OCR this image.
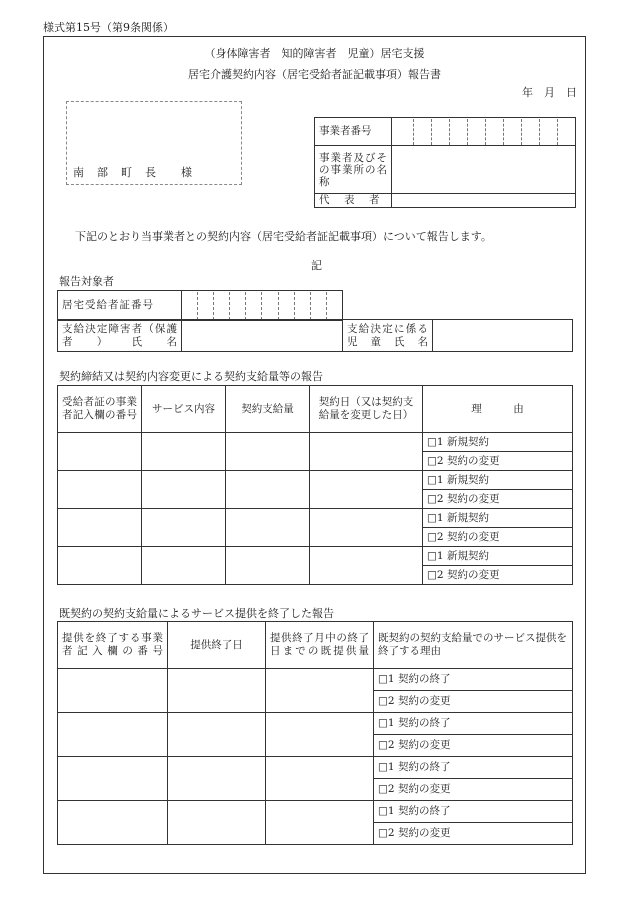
様式第15号（第9条関係）
（身体障害者　知的障害者　児童）居宅支援
居宅介護契約内容（居宅受給者証記載事項）報告書
年　月　日
南　部　町　長　　様
事業者番号	

事業者及びその事業所の名称	
代　表　者	
下記のとおり当事業者との契約内容（居宅受給者証記載事項）について報告します。
記
報告対象者
居宅受給者証番号	
支給決定障害者（保護者）氏名		支給決定に係る児童氏名	
契約締結又は契約内容変更による契約支給量等の報告
受給者証の事業者記入欄の番号	サービス内容	契約支給量	契約日（又は契約支給量を変更した日）	理　　　由
				□1 新規契約
				□2 契約の変更
				□1 新規契約
				□2 契約の変更
				□1 新規契約
				□2 契約の変更
				□1 新規契約
				□2 契約の変更
既契約の契約支給量によるサービス提供を終了した報告
提供を終了する事業者記入欄の番号	提供終了日	提供終了月中の終了日までの既提供量	既契約の契約支給量でのサービス提供を終了する理由
			□1 契約の終了
			□2 契約の変更
			□1 契約の終了
			□2 契約の変更
			□1 契約の終了
			□2 契約の変更
			□1 契約の終了
			□2 契約の変更
